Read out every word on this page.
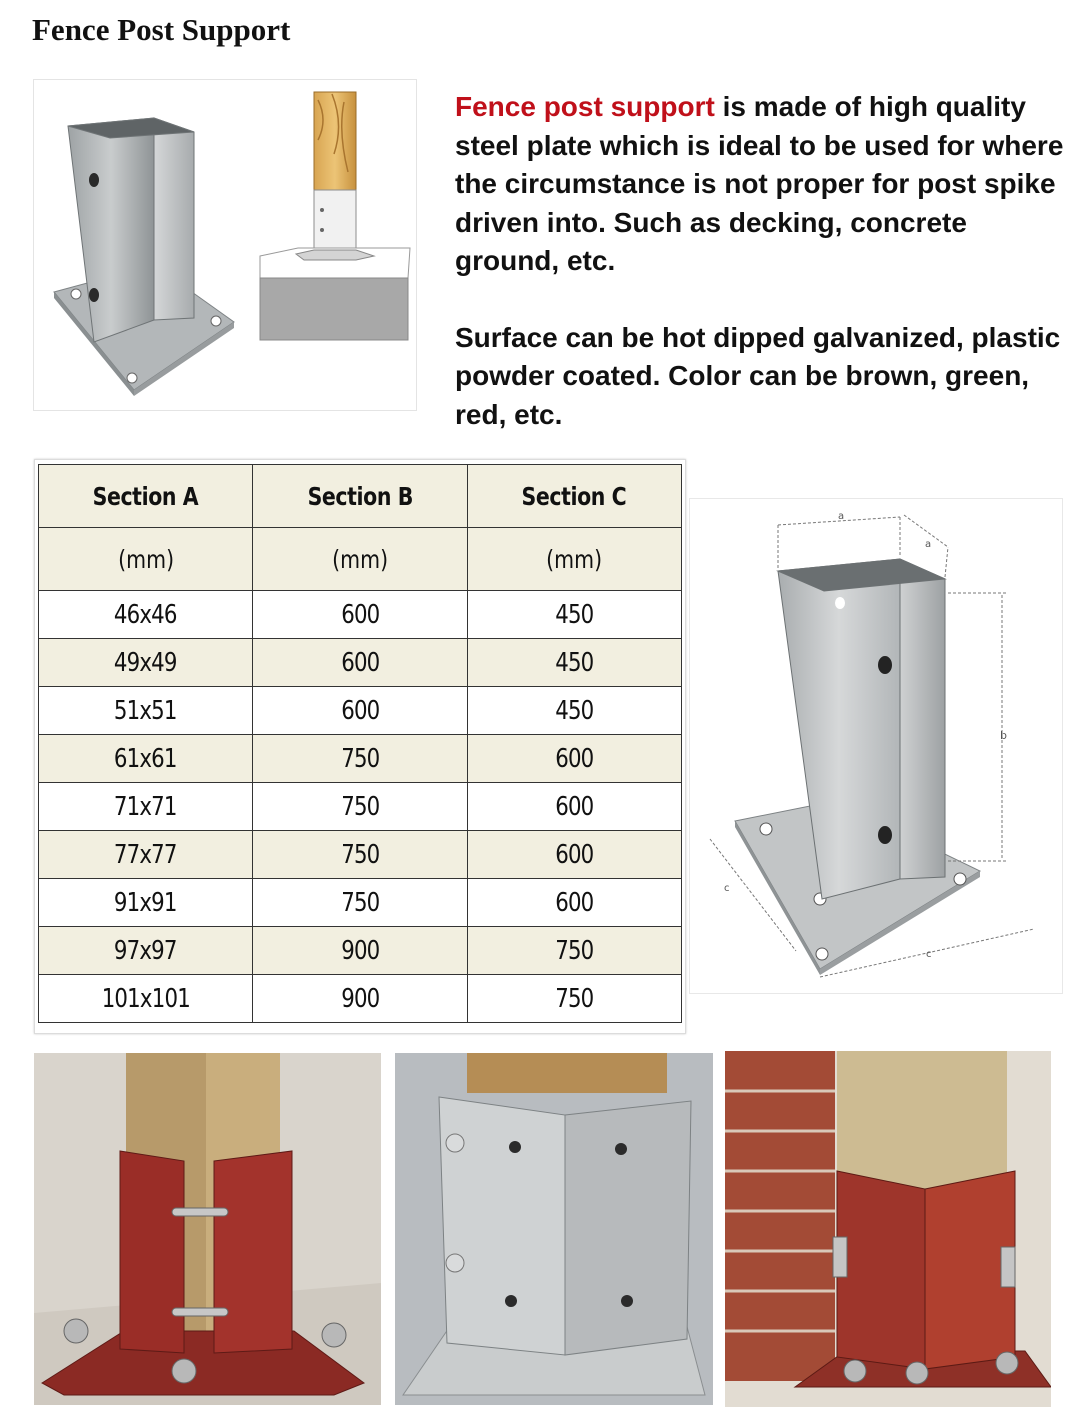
Fence Post Support

Fence post support is made of high quality steel plate which is ideal to be used for where the circumstance is not proper for post spike driven into. Such as decking, concrete ground, etc.

Surface can be hot dipped galvanized, plastic powder coated. Color can be brown, green, red, etc.

Section A	Section B	Section C
(mm)	(mm)	(mm)
46x46	600	450
49x49	600	450
51x51	600	450
61x61	750	600
71x71	750	600
77x77	750	600
91x91	750	600
97x97	900	750
101x101	900	750
a
a
b
c
c
